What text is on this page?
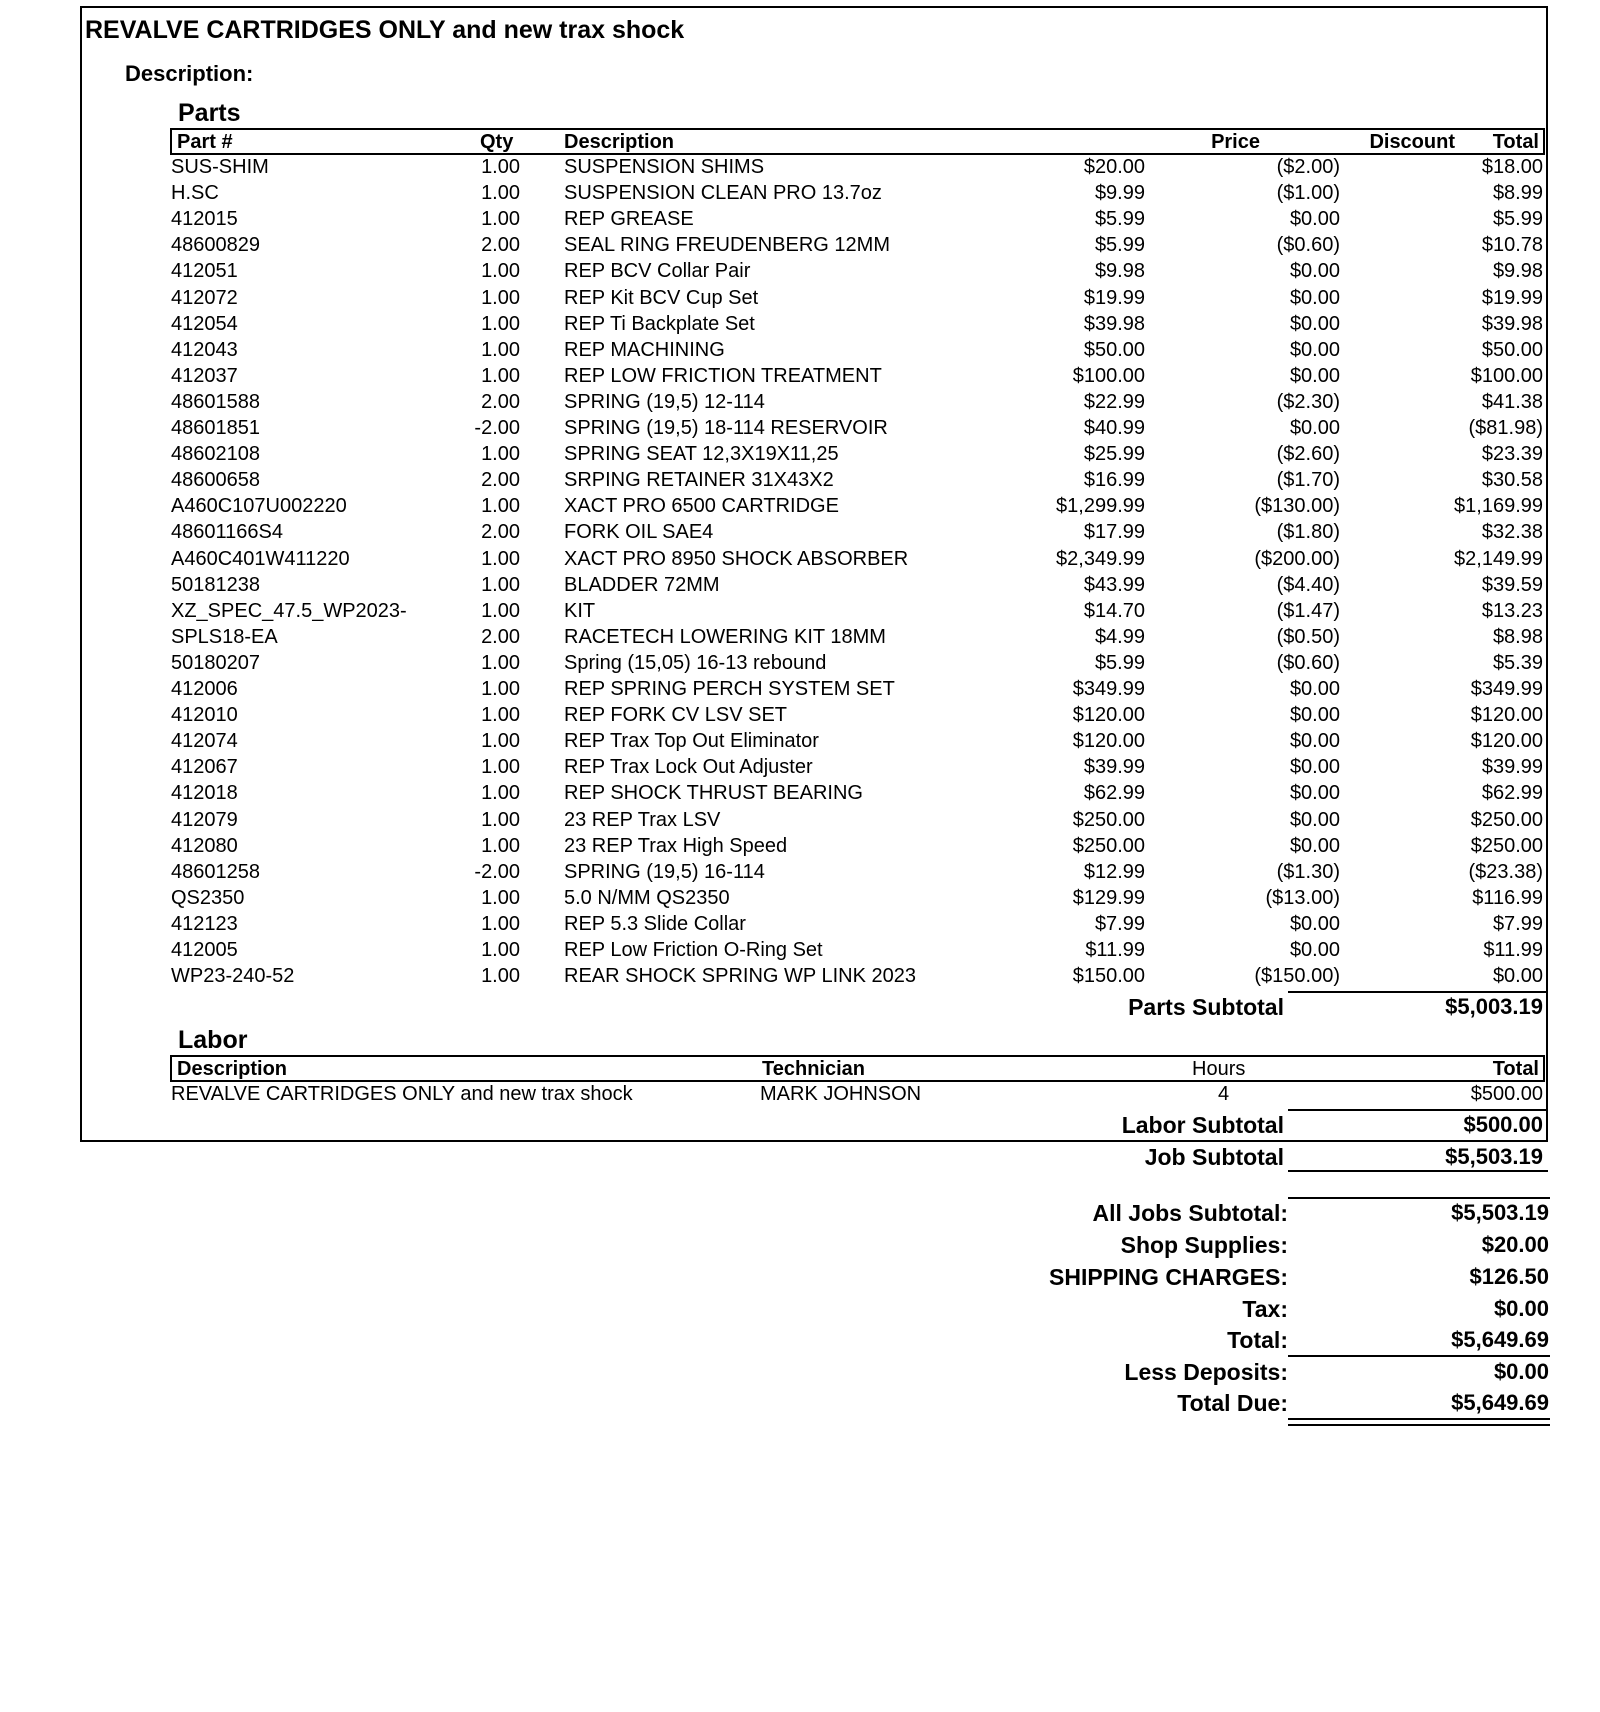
REVALVE CARTRIDGES ONLY and new trax shock
Description:
Parts
Part #	Qty	Description	Price	Discount Total
SUS-SHIM	1.00 SUSPENSION SHIMS	$20.00	($2.00)	$18.00
H.SC	1.00 SUSPENSION CLEAN PRO 13.7oz	$9.99	($1.00)	$8.99
412015	1.00 REP GREASE	$5.99	$0.00	$5.99
48600829	2.00 SEAL RING FREUDENBERG 12MM	$5.99	($0.60)	$10.78
412051	1.00 REP BCV Collar Pair	$9.98	$0.00	$9.98
412072	1.00 REP Kit BCV Cup Set	$19.99	$0.00	$19.99
412054	1.00 REP Ti Backplate Set	$39.98	$0.00	$39.98
412043	1.00 REP MACHINING	$50.00	$0.00	$50.00
412037	1.00 REP LOW FRICTION TREATMENT	$100.00	$0.00	$100.00
48601588	2.00 SPRING (19,5) 12-114	$22.99	($2.30)	$41.38
48601851	-2.00 SPRING (19,5) 18-114 RESERVOIR	$40.99	$0.00	($81.98)
48602108	1.00 SPRING SEAT 12,3X19X11,25	$25.99	($2.60)	$23.39
48600658	2.00 SRPING RETAINER 31X43X2	$16.99	($1.70)	$30.58
A460C107U002220	1.00 XACT PRO 6500 CARTRIDGE	$1,299.99	($130.00)	$1,169.99
48601166S4	2.00 FORK OIL SAE4	$17.99	($1.80)	$32.38
A460C401W411220	1.00 XACT PRO 8950 SHOCK ABSORBER	$2,349.99	($200.00)	$2,149.99
50181238	1.00 BLADDER 72MM	$43.99	($4.40)	$39.59
XZ_SPEC_47.5_WP2023-	1.00 KIT	$14.70	($1.47)	$13.23
SPLS18-EA	2.00 RACETECH LOWERING KIT 18MM	$4.99	($0.50)	$8.98
50180207	1.00 Spring (15,05) 16-13 rebound	$5.99	($0.60)	$5.39
412006	1.00 REP SPRING PERCH SYSTEM SET	$349.99	$0.00	$349.99
412010	1.00 REP FORK CV LSV SET	$120.00	$0.00	$120.00
412074	1.00 REP Trax Top Out Eliminator	$120.00	$0.00	$120.00
412067	1.00 REP Trax Lock Out Adjuster	$39.99	$0.00	$39.99
412018	1.00 REP SHOCK THRUST BEARING	$62.99	$0.00	$62.99
412079	1.00 23 REP Trax LSV	$250.00	$0.00	$250.00
412080	1.00 23 REP Trax High Speed	$250.00	$0.00	$250.00
48601258	-2.00 SPRING (19,5) 16-114	$12.99	($1.30)	($23.38)
QS2350	1.00 5.0 N/MM QS2350	$129.99	($13.00)	$116.99
412123	1.00 REP 5.3 Slide Collar	$7.99	$0.00	$7.99
412005	1.00 REP Low Friction O-Ring Set	$11.99	$0.00	$11.99
WP23-240-52	1.00 REAR SHOCK SPRING WP LINK 2023	$150.00	($150.00)	$0.00
Parts Subtotal	$5,003.19
Labor
Description	Technician	Hours	Total
REVALVE CARTRIDGES ONLY and new trax shock	MARK JOHNSON	4	$500.00
Labor Subtotal	$500.00
Job Subtotal	$5,503.19
All Jobs Subtotal:	$5,503.19
Shop Supplies:	$20.00
SHIPPING CHARGES:	$126.50
Tax:	$0.00
Total:	$5,649.69
Less Deposits:	$0.00
Total Due:	$5,649.69
